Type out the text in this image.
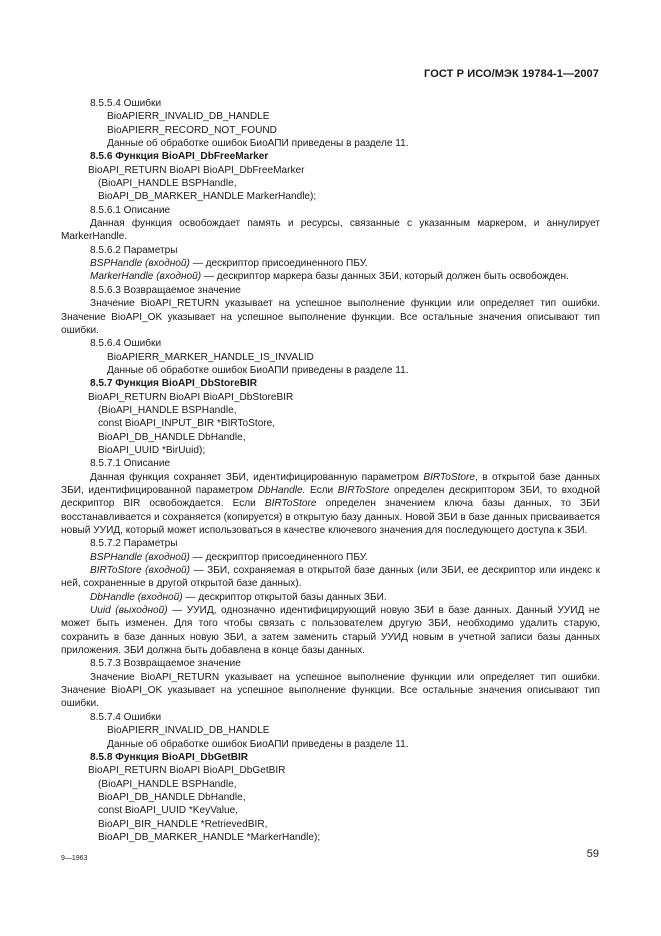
ГОСТ Р ИСО/МЭК 19784-1—2007
8.5.5.4 Ошибки
BioAPIERR_INVALID_DB_HANDLE
BioAPIERR_RECORD_NOT_FOUND
Данные об обработке ошибок БиоАПИ приведены в разделе 11.
8.5.6 Функция BioAPI_DbFreeMarker
BioAPI_RETURN BioAPI BioAPI_DbFreeMarker
(BioAPI_HANDLE BSPHandle,
BioAPI_DB_MARKER_HANDLE MarkerHandle);
8.5.6.1 Описание
Данная функция освобождает память и ресурсы, связанные с указанным маркером, и аннулирует MarkerHandle.
8.5.6.2 Параметры
BSPHandle (входной) — дескриптор присоединенного ПБУ.
MarkerHandle (входной) — дескриптор маркера базы данных ЗБИ, который должен быть освобожден.
8.5.6.3 Возвращаемое значение
Значение BioAPI_RETURN указывает на успешное выполнение функции или определяет тип ошибки. Значение BioAPI_OK указывает на успешное выполнение функции. Все остальные значения описывают тип ошибки.
8.5.6.4 Ошибки
BioAPIERR_MARKER_HANDLE_IS_INVALID
Данные об обработке ошибок БиоАПИ приведены в разделе 11.
8.5.7 Функция BioAPI_DbStoreBIR
BioAPI_RETURN BioAPI BioAPI_DbStoreBIR
(BioAPI_HANDLE BSPHandle,
const BioAPI_INPUT_BIR *BIRToStore,
BioAPI_DB_HANDLE DbHandle,
BioAPI_UUID *BirUuid);
8.5.7.1 Описание
Данная функция сохраняет ЗБИ, идентифицированную параметром BIRToStore, в открытой базе данных ЗБИ, идентифицированной параметром DbHandle. Если BIRToStore определен дескриптором ЗБИ, то входной дескриптор BIR освобождается. Если BIRToStore определен значением ключа базы данных, то ЗБИ восстанавливается и сохраняется (копируется) в открытую базу данных. Новой ЗБИ в базе данных присваивается новый УУИД, который может использоваться в качестве ключевого значения для последующего доступа к ЗБИ.
8.5.7.2 Параметры
BSPHandle (входной) — дескриптор присоединенного ПБУ.
BIRToStore (входной) — ЗБИ, сохраняемая в открытой базе данных (или ЗБИ, ее дескриптор или индекс к ней, сохраненные в другой открытой базе данных).
DbHandle (входной) — дескриптор открытой базы данных ЗБИ.
Uuid (выходной) — УУИД, однозначно идентифицирующий новую ЗБИ в базе данных. Данный УУИД не может быть изменен. Для того чтобы связать с пользователем другую ЗБИ, необходимо удалить старую, сохранить в базе данных новую ЗБИ, а затем заменить старый УУИД новым в учетной записи базы данных приложения. ЗБИ должна быть добавлена в конце базы данных.
8.5.7.3 Возвращаемое значение
Значение BioAPI_RETURN указывает на успешное выполнение функции или определяет тип ошибки. Значение BioAPI_OK указывает на успешное выполнение функции. Все остальные значения описывают тип ошибки.
8.5.7.4 Ошибки
BioAPIERR_INVALID_DB_HANDLE
Данные об обработке ошибок БиоАПИ приведены в разделе 11.
8.5.8 Функция BioAPI_DbGetBIR
BioAPI_RETURN BioAPI BioAPI_DbGetBIR
(BioAPI_HANDLE BSPHandle,
BioAPI_DB_HANDLE DbHandle,
const BioAPI_UUID *KeyValue,
BioAPI_BIR_HANDLE *RetrievedBIR,
BioAPI_DB_MARKER_HANDLE *MarkerHandle);
9—1963	59
